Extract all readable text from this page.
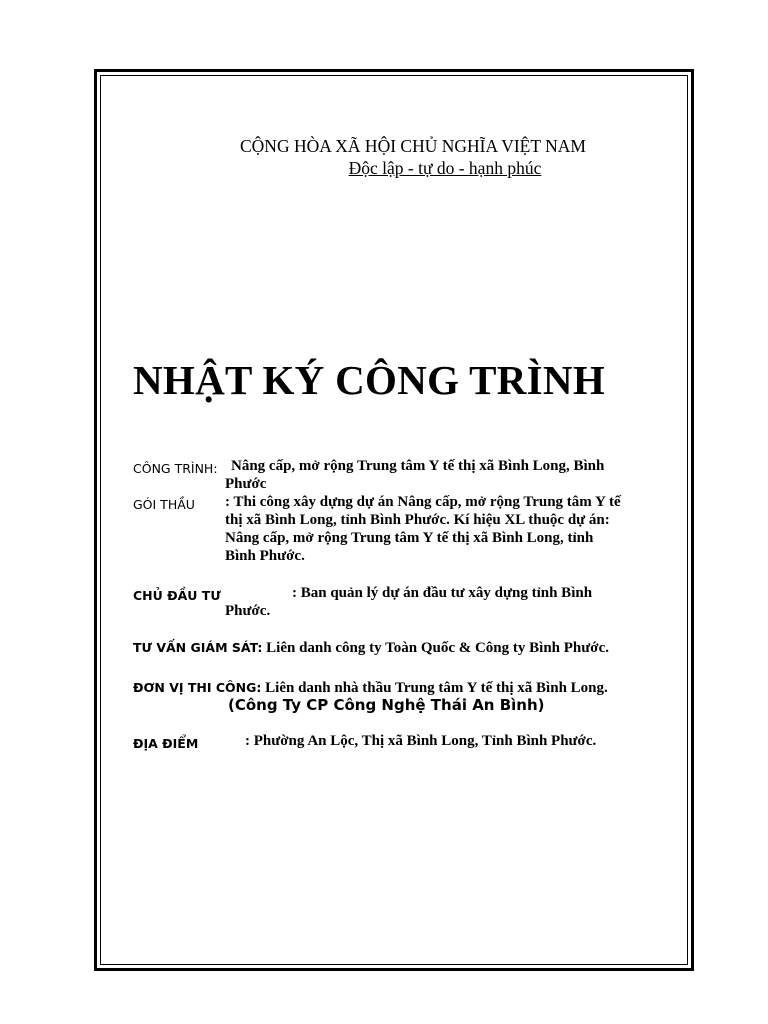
CỘNG HÒA XÃ HỘI CHỦ NGHĨA VIỆT NAM
Độc lập - tự do - hạnh phúc
NHẬT KÝ CÔNG TRÌNH
CÔNG TRÌNH: Nâng cấp, mở rộng Trung tâm Y tế thị xã Bình Long, Bình
Phước
GÓI THẦU : Thi công xây dựng dự án Nâng cấp, mở rộng Trung tâm Y tế
thị xã Bình Long, tỉnh Bình Phước. Kí hiệu XL thuộc dự án:
Nâng cấp, mở rộng Trung tâm Y tế thị xã Bình Long, tỉnh
Bình Phước.
CHỦ ĐẦU TƯ	: Ban quản lý dự án đầu tư xây dựng tỉnh Bình
Phước.
TƯ VẤN GIÁM SÁT: Liên danh công ty Toàn Quốc & Công ty Bình Phước.
ĐƠN VỊ THI CÔNG: Liên danh nhà thầu Trung tâm Y tế thị xã Bình Long.
(Công Ty CP Công Nghệ Thái An Bình)
ĐỊA ĐIỂM	: Phường An Lộc, Thị xã Bình Long, Tỉnh Bình Phước.
